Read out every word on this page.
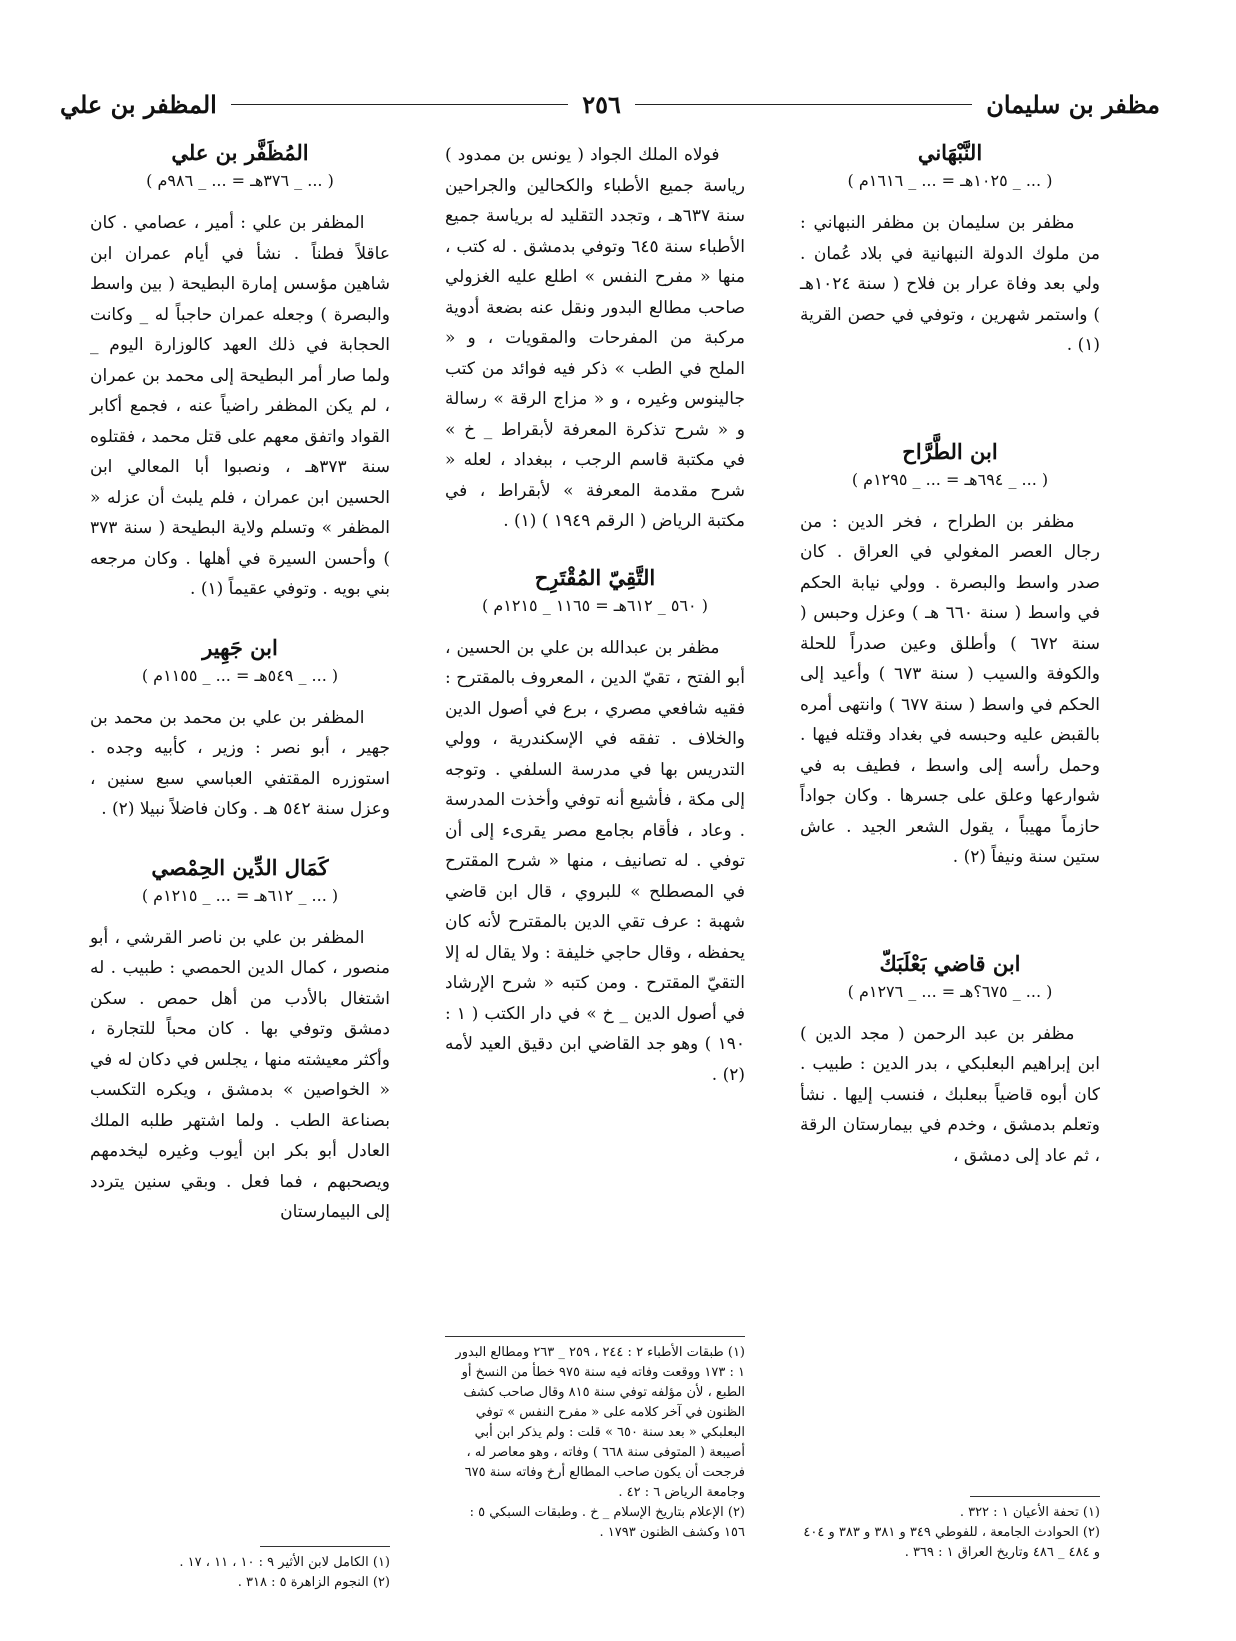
مظفر بن سليمان
٢٥٦
المظفر بن علي
النَّبْهَاني
( ... _ ١٠٢٥هـ = ... _ ١٦١٦م )

مظفر بن سليمان بن مظفر النبهاني : من ملوك الدولة النبهانية في بلاد عُمان . ولي بعد وفاة عرار بن فلاح ( سنة ١٠٢٤هـ ) واستمر شهرين ، وتوفي في حصن القرية (١) .

ابن الطَّرَّاح
( ... _ ٦٩٤هـ = ... _ ١٢٩٥م )

مظفر بن الطراح ، فخر الدين : من رجال العصر المغولي في العراق . كان صدر واسط والبصرة . وولي نيابة الحكم في واسط ( سنة ٦٦٠ هـ ) وعزل وحبس ( سنة ٦٧٢ ) وأطلق وعين صدراً للحلة والكوفة والسيب ( سنة ٦٧٣ ) وأعيد إلى الحكم في واسط ( سنة ٦٧٧ ) وانتهى أمره بالقبض عليه وحبسه في بغداد وقتله فيها . وحمل رأسه إلى واسط ، فطيف به في شوارعها وعلق على جسرها . وكان جواداً حازماً مهيباً ، يقول الشعر الجيد . عاش ستين سنة ونيفاً (٢) .

ابن قاضي بَعْلَبَكّ
( ... _ ٦٧٥؟هـ = ... _ ١٢٧٦م )

مظفر بن عبد الرحمن ( مجد الدين ) ابن إبراهيم البعلبكي ، بدر الدين : طبيب . كان أبوه قاضياً ببعلبك ، فنسب إليها . نشأ وتعلم بدمشق ، وخدم في بيمارستان الرقة ، ثم عاد إلى دمشق ،

(١) تحفة الأعيان ١ : ٣٢٢ .

(٢) الحوادث الجامعة ، للفوطي ٣٤٩ و ٣٨١ و ٣٨٣ و ٤٠٤ و ٤٨٤ _ ٤٨٦ وتاريخ العراق ١ : ٣٦٩ .

فولاه الملك الجواد ( يونس بن ممدود ) رياسة جميع الأطباء والكحالين والجراحين سنة ٦٣٧هـ ، وتجدد التقليد له برياسة جميع الأطباء سنة ٦٤٥ وتوفي بدمشق . له كتب ، منها « مفرح النفس » اطلع عليه الغزولي صاحب مطالع البدور ونقل عنه بضعة أدوية مركبة من المفرحات والمقويات ، و « الملح في الطب » ذكر فيه فوائد من كتب جالينوس وغيره ، و « مزاج الرقة » رسالة و « شرح تذكرة المعرفة لأبقراط _ خ » في مكتبة قاسم الرجب ، ببغداد ، لعله « شرح مقدمة المعرفة » لأبقراط ، في مكتبة الرياض ( الرقم ١٩٤٩ ) (١) .

التَّقِيّ المُقْتَرِح
( ٥٦٠ _ ٦١٢هـ = ١١٦٥ _ ١٢١٥م )

مظفر بن عبدالله بن علي بن الحسين ، أبو الفتح ، تقيّ الدين ، المعروف بالمقترح : فقيه شافعي مصري ، برع في أصول الدين والخلاف . تفقه في الإسكندرية ، وولي التدريس بها في مدرسة السلفي . وتوجه إلى مكة ، فأشيع أنه توفي وأخذت المدرسة . وعاد ، فأقام بجامع مصر يقرىء إلى أن توفي . له تصانيف ، منها « شرح المقترح في المصطلح » للبروي ، قال ابن قاضي شهبة : عرف تقي الدين بالمقترح لأنه كان يحفظه ، وقال حاجي خليفة : ولا يقال له إلا التقيّ المقترح . ومن كتبه « شرح الإرشاد في أصول الدين _ خ » في دار الكتب ( ١ : ١٩٠ ) وهو جد القاضي ابن دقيق العيد لأمه (٢) .

(١) طبقات الأطباء ٢ : ٢٤٤ ، ٢٥٩ _ ٢٦٣ ومطالع البدور ١ : ١٧٣ ووقعت وفاته فيه سنة ٩٧٥ خطأ من النسخ أو الطبع ، لأن مؤلفه توفي سنة ٨١٥ وقال صاحب كشف الظنون في آخر كلامه على « مفرح النفس » توفي البعلبكي « بعد سنة ٦٥٠ » قلت : ولم يذكر ابن أبي أصيبعة ( المتوفى سنة ٦٦٨ ) وفاته ، وهو معاصر له ، فرجحت أن يكون صاحب المطالع أرخ وفاته سنة ٦٧٥ وجامعة الرياض ٦ : ٤٢ .

(٢) الإعلام بتاريخ الإسلام _ خ . وطبقات السبكي ٥ : ١٥٦ وكشف الظنون ١٧٩٣ .

المُظَفَّر بن علي
( ... _ ٣٧٦هـ = ... _ ٩٨٦م )

المظفر بن علي : أمير ، عصامي . كان عاقلاً فطناً . نشأ في أيام عمران ابن شاهين مؤسس إمارة البطيحة ( بين واسط والبصرة ) وجعله عمران حاجباً له _ وكانت الحجابة في ذلك العهد كالوزارة اليوم _ ولما صار أمر البطيحة إلى محمد بن عمران ، لم يكن المظفر راضياً عنه ، فجمع أكابر القواد واتفق معهم على قتل محمد ، فقتلوه سنة ٣٧٣هـ ، ونصبوا أبا المعالي ابن الحسين ابن عمران ، فلم يلبث أن عزله « المظفر » وتسلم ولاية البطيحة ( سنة ٣٧٣ ) وأحسن السيرة في أهلها . وكان مرجعه بني بويه . وتوفي عقيماً (١) .

ابن جَهِير
( ... _ ٥٤٩هـ = ... _ ١١٥٥م )

المظفر بن علي بن محمد بن محمد بن جهير ، أبو نصر : وزير ، كأبيه وجده . استوزره المقتفي العباسي سبع سنين ، وعزل سنة ٥٤٢ هـ . وكان فاضلاً نبيلا (٢) .

كَمَال الدِّين الحِمْصي
( ... _ ٦١٢هـ = ... _ ١٢١٥م )

المظفر بن علي بن ناصر القرشي ، أبو منصور ، كمال الدين الحمصي : طبيب . له اشتغال بالأدب من أهل حمص . سكن دمشق وتوفي بها . كان محباً للتجارة ، وأكثر معيشته منها ، يجلس في دكان له في « الخواصين » بدمشق ، ويكره التكسب بصناعة الطب . ولما اشتهر طلبه الملك العادل أبو بكر ابن أيوب وغيره ليخدمهم ويصحبهم ، فما فعل . وبقي سنين يتردد إلى البيمارستان

(١) الكامل لابن الأثير ٩ : ١٠ ، ١١ ، ١٧ .

(٢) النجوم الزاهرة ٥ : ٣١٨ .
